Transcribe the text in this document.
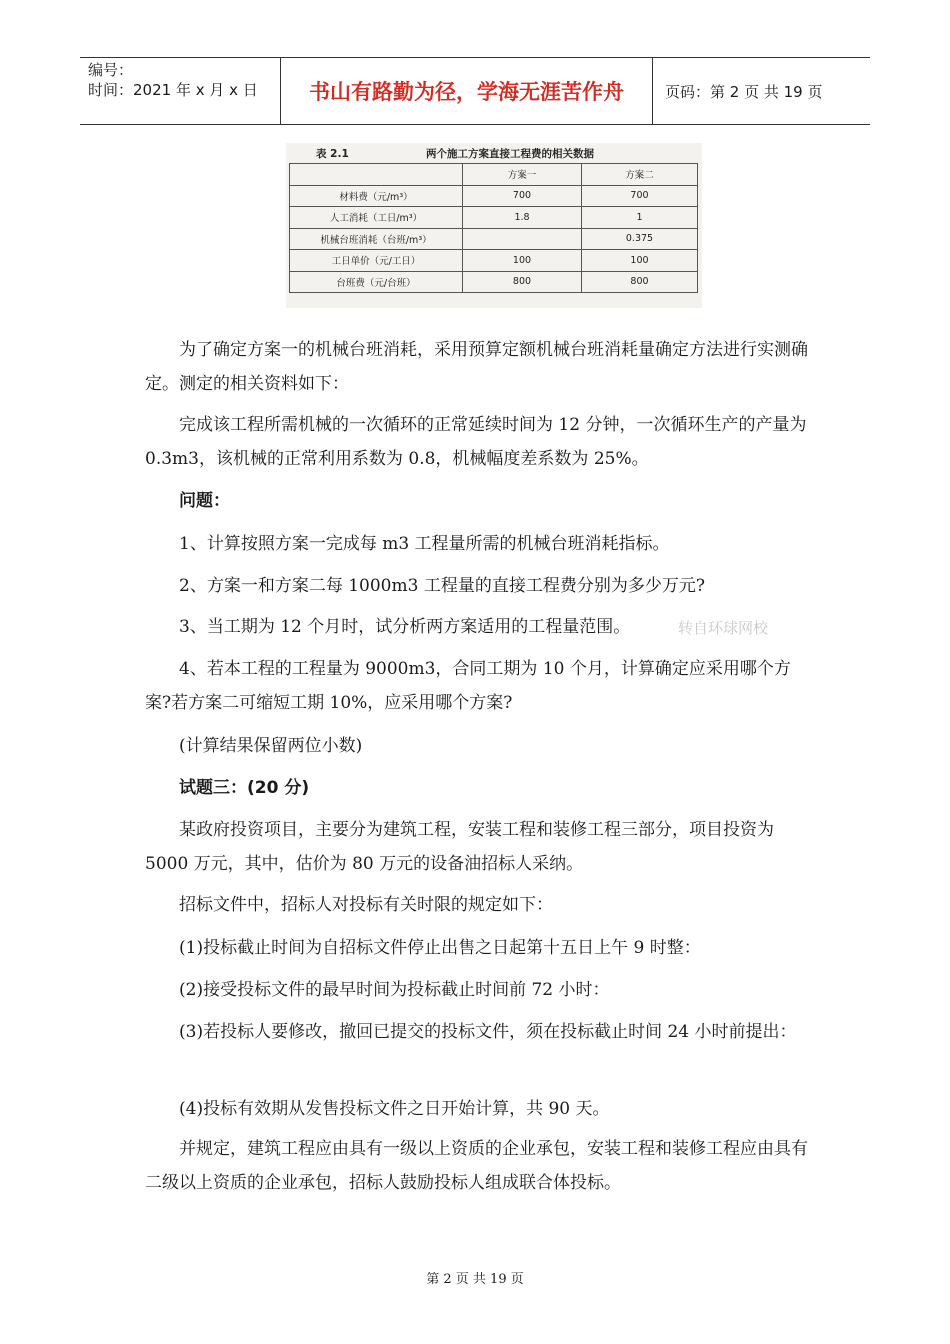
编号：
时间：2021 年 x 月 x 日	书山有路勤为径，学海无涯苦作舟	页码：第 2 页 共 19 页
表 2.1	两个施工方案直接工程费的相关数据
	方案一	方案二
材料费（元/m³）	700	700
人工消耗（工日/m³）	1.8	1
机械台班消耗（台班/m³）		0.375
工日单价（元/工日）	100	100
台班费（元/台班）	800	800
为了确定方案一的机械台班消耗，采用预算定额机械台班消耗量确定方法进行实测确定。测定的相关资料如下：
完成该工程所需机械的一次循环的正常延续时间为 12 分钟，一次循环生产的产量为 0.3m3，该机械的正常利用系数为 0.8，机械幅度差系数为 25%。
问题：
1、计算按照方案一完成每 m3 工程量所需的机械台班消耗指标。
2、方案一和方案二每 1000m3 工程量的直接工程费分别为多少万元?
3、当工期为 12 个月时，试分析两方案适用的工程量范围。	转自环球网校
4、若本工程的工程量为 9000m3，合同工期为 10 个月，计算确定应采用哪个方案?若方案二可缩短工期 10%，应采用哪个方案?
(计算结果保留两位小数)
试题三：(20 分)
某政府投资项目，主要分为建筑工程，安装工程和装修工程三部分，项目投资为 5000 万元，其中，估价为 80 万元的设备油招标人采纳。
招标文件中，招标人对投标有关时限的规定如下：
(1)投标截止时间为自招标文件停止出售之日起第十五日上午 9 时整：
(2)接受投标文件的最早时间为投标截止时间前 72 小时：
(3)若投标人要修改，撤回已提交的投标文件，须在投标截止时间 24 小时前提出：
(4)投标有效期从发售投标文件之日开始计算，共 90 天。
并规定，建筑工程应由具有一级以上资质的企业承包，安装工程和装修工程应由具有二级以上资质的企业承包，招标人鼓励投标人组成联合体投标。
第 2 页 共 19 页
